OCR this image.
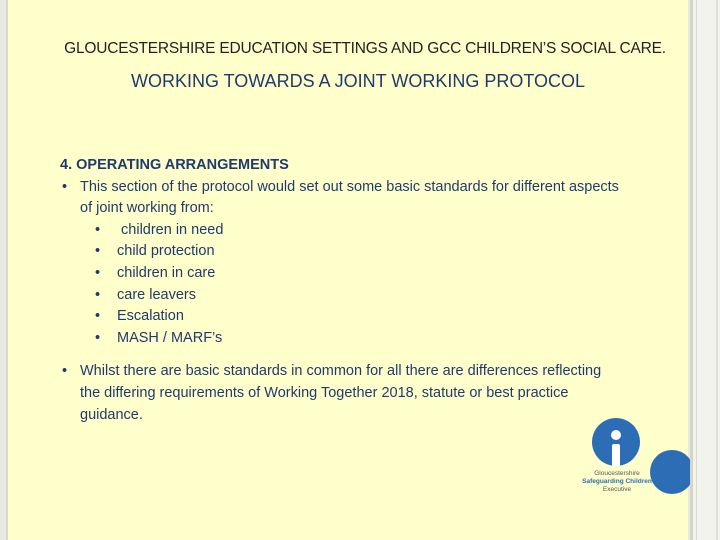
GLOUCESTERSHIRE EDUCATION SETTINGS AND GCC CHILDREN’S SOCIAL CARE.
WORKING TOWARDS A JOINT WORKING PROTOCOL
4. OPERATING ARRANGEMENTS
• This section of the protocol would set out some basic standards for different aspects of joint working from:
• children in need
• child protection
• children in care
• care leavers
• Escalation
• MASH / MARF’s
• Whilst there are basic standards in common for all there are differences reflecting the differing requirements of Working Together 2018, statute or best practice guidance.
Gloucestershire
Safeguarding Children
Executive
